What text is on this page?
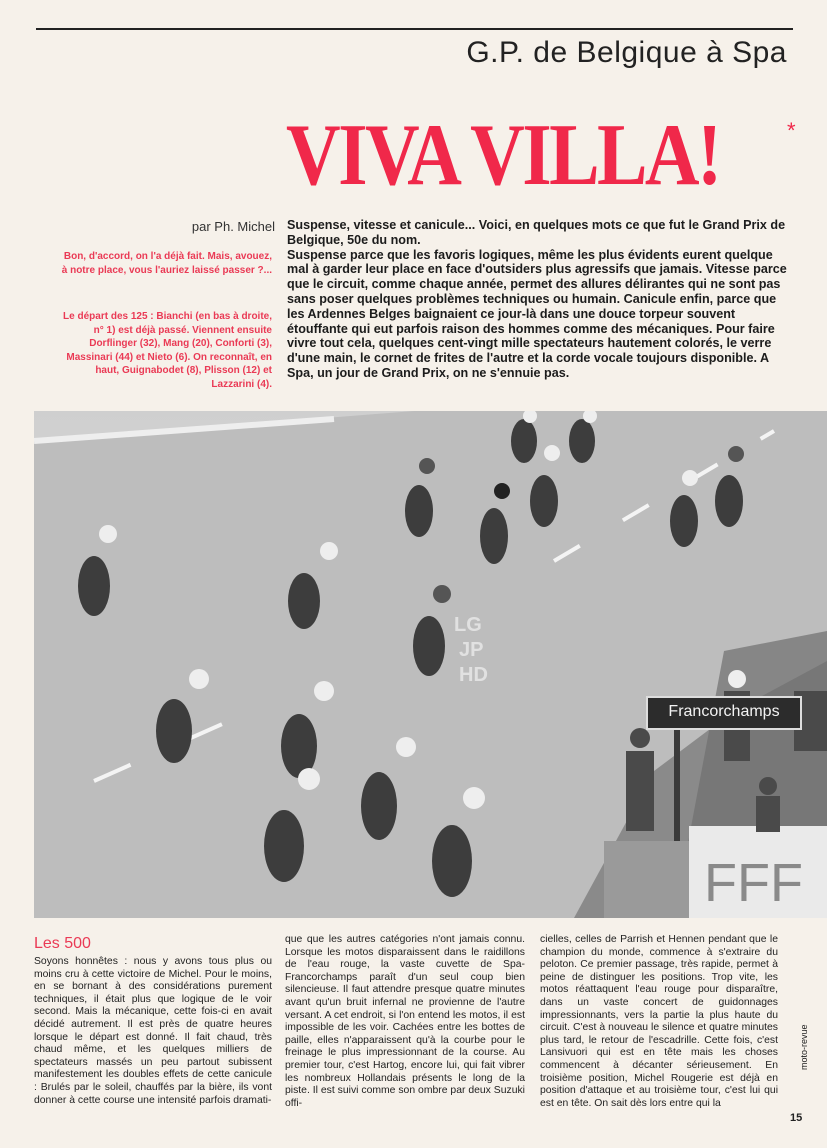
G.P. de Belgique à Spa
VIVA VILLA!	*
par Ph. Michel
Bon, d'accord, on l'a déjà fait. Mais, avouez, à notre place, vous l'auriez laissé passer ?...
Le départ des 125 : Bianchi (en bas à droite, n° 1) est déjà passé. Viennent ensuite Dorflinger (32), Mang (20), Conforti (3), Massinari (44) et Nieto (6). On reconnaît, en haut, Guignabodet (8), Plisson (12) et Lazzarini (4).

Suspense, vitesse et canicule... Voici, en quelques mots ce que fut le Grand Prix de Belgique, 50e du nom.

Suspense parce que les favoris logiques, même les plus évidents eurent quelque mal à garder leur place en face d'outsiders plus agressifs que jamais. Vitesse parce que le circuit, comme chaque année, permet des allures délirantes qui ne sont pas sans poser quelques problèmes techniques ou humain. Canicule enfin, parce que les Ardennes Belges baignaient ce jour-là dans une douce torpeur souvent étouffante qui eut parfois raison des hommes comme des mécaniques. Pour faire vivre tout cela, quelques cent-vingt mille spectateurs hautement colorés, le verre d'une main, le cornet de frites de l'autre et la corde vocale toujours disponible. A Spa, un jour de Grand Prix, on ne s'ennuie pas.

FFF
LG
JP
HD
Francorchamps
Les 500

Soyons honnêtes : nous y avons tous plus ou moins cru à cette victoire de Michel. Pour le moins, en se bornant à des considérations purement techniques, il était plus que logique de le voir second. Mais la mécanique, cette fois-ci en avait décidé autrement. Il est près de quatre heures lorsque le départ est donné. Il fait chaud, très chaud même, et les quelques milliers de spectateurs massés un peu partout subissent manifestement les doubles effets de cette canicule : Brulés par le soleil, chauffés par la bière, ils vont donner à cette course une intensité parfois dramati-

que que les autres catégories n'ont jamais connu. Lorsque les motos disparaissent dans le raidillons de l'eau rouge, la vaste cuvette de Spa-Francorchamps paraît d'un seul coup bien silencieuse. Il faut attendre presque quatre minutes avant qu'un bruit infernal ne provienne de l'autre versant. A cet endroit, si l'on entend les motos, il est impossible de les voir. Cachées entre les bottes de paille, elles n'apparaissent qu'à la courbe pour le freinage le plus impressionnant de la course. Au premier tour, c'est Hartog, encore lui, qui fait vibrer les nombreux Hollandais présents le long de la piste. Il est suivi comme son ombre par deux Suzuki offi-

cielles, celles de Parrish et Hennen pendant que le champion du monde, commence à s'extraire du peloton. Ce premier passage, très rapide, permet à peine de distinguer les positions. Trop vite, les motos réattaquent l'eau rouge pour disparaître, dans un vaste concert de guidonnages impressionnants, vers la partie la plus haute du circuit. C'est à nouveau le silence et quatre minutes plus tard, le retour de l'escadrille. Cette fois, c'est Lansivuori qui est en tête mais les choses commencent à décanter sérieusement. En troisième position, Michel Rougerie est déjà en position d'attaque et au troisième tour, c'est lui qui est en tête. On sait dès lors entre qui la

moto-revue
15
